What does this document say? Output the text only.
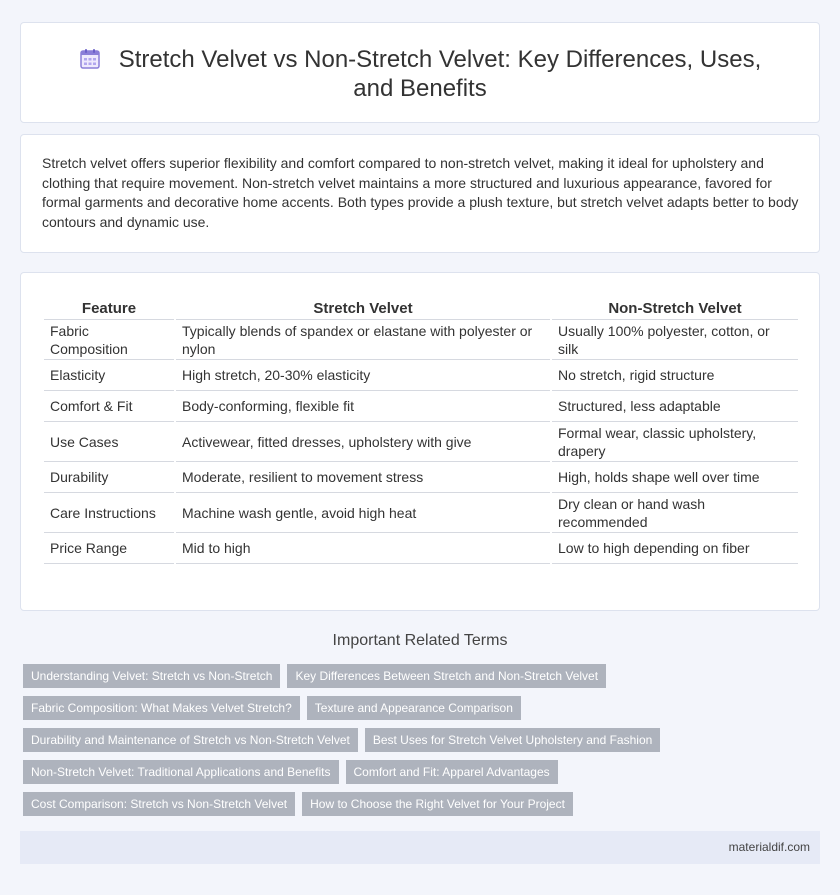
Stretch Velvet vs Non-Stretch Velvet: Key Differences, Uses, and Benefits

Stretch velvet offers superior flexibility and comfort compared to non-stretch velvet, making it ideal for upholstery and clothing that require movement. Non-stretch velvet maintains a more structured and luxurious appearance, favored for formal garments and decorative home accents. Both types provide a plush texture, but stretch velvet adapts better to body contours and dynamic use.

Feature	Stretch Velvet	Non-Stretch Velvet
Fabric Composition	Typically blends of spandex or elastane with polyester or nylon	Usually 100% polyester, cotton, or silk
Elasticity	High stretch, 20-30% elasticity	No stretch, rigid structure
Comfort & Fit	Body-conforming, flexible fit	Structured, less adaptable
Use Cases	Activewear, fitted dresses, upholstery with give	Formal wear, classic upholstery, drapery
Durability	Moderate, resilient to movement stress	High, holds shape well over time
Care Instructions	Machine wash gentle, avoid high heat	Dry clean or hand wash recommended
Price Range	Mid to high	Low to high depending on fiber
Important Related Terms
Understanding Velvet: Stretch vs Non-Stretch	Key Differences Between Stretch and Non-Stretch Velvet
Fabric Composition: What Makes Velvet Stretch?	Texture and Appearance Comparison
Durability and Maintenance of Stretch vs Non-Stretch Velvet	Best Uses for Stretch Velvet Upholstery and Fashion
Non-Stretch Velvet: Traditional Applications and Benefits	Comfort and Fit: Apparel Advantages
Cost Comparison: Stretch vs Non-Stretch Velvet	How to Choose the Right Velvet for Your Project
materialdif.com
